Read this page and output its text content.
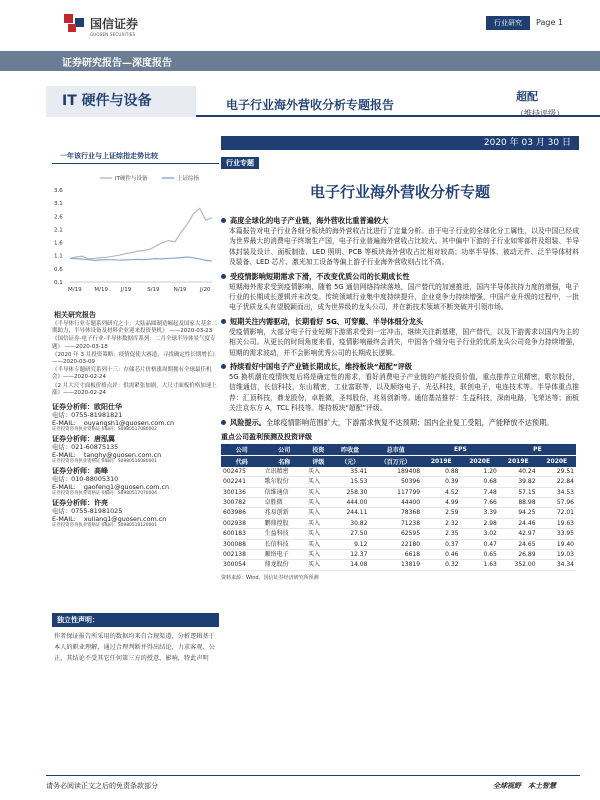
国信证券
GUOSEN SECURITIES
行业研究	Page 1
证券研究报告—深度报告
IT 硬件与设备	电子行业海外营收分析专题报告
超配
（维持评级）
2020 年 03 月 30 日
一年该行业与上证综指走势比较
IT硬件与设备	上证综指
3.6
3.1
2.6
2.1
1.6
1.1
0.6
0.1
M/19 M/19 J/19	S/19	N/19 J/20
相关研究报告
《半导体行业专题系列研究之十：大陆晶圆制造崛起及国家大基金二期助力，半导体设备及材料企业迎来投资契机》 ——2020-03-23
《国信证券-电子行业-半导体数据库系列：二月全球半导体景气度专题》 ——2020-03-18
《2020 年 3 月投资策略：疫情促使大赛道，寻找确定性长期增长》——2020-03-09
《半导体专题研究系列十三：存储芯片价格涨周期拥有全球最佳机会》——2020-02-24
《2 月大尺寸面板价格点评：供需紧张加剧，大尺寸面板价格加速上涨》——2020-02-24
证券分析师：欧阳仕华
电话：0755-81981821
E-MAIL: ouyangsh1@guosen.com.cn
证券投资咨询执业资格证书编码：S0980517080002
证券分析师：唐泓翼
电话：021-60875135
E-MAIL: tanghy@guosen.com.cn
证券投资咨询执业资格证书编码：S0980516080001
证券分析师：高峰
电话：010-88005310
E-MAIL: gaofeng1@guosen.com.cn
证券投资咨询执业资格证书编码：S0980517070004
证券分析师：许亮
电话：0755-81981025
E-MAIL: xuliang1@guosen.com.cn
证券投资咨询执业资格证书编码：S0980518120001
独立性声明：
作者保证报告所采用的数据均来自合规渠道，分析逻辑基于本人的职业理解，通过合理判断并得出结论，力求客观、公正，其结论不受其它任何第三方的授意、影响，特此声明
行业专题
电子行业海外营收分析专题
高度全球化的电子产业链，海外营收比重普遍较大
本篇报告对电子行业各细分板块的海外营收占比进行了定量分析。由于电子行业的全球化分工属性，以及中国已经成为世界最大的消费电子终端生产国，电子行业普遍海外营收占比较大。其中偏中下游的子行业如零部件及组装、半导体封装及设计、面板制造、LED 照明、PCB 等板块海外营收占比相对较高；功率半导体、被动元件、泛半导体材料及装备、LED 芯片、激光加工设备等偏上游子行业海外营收则占比不高。
受疫情影响短期需求下滑，不改变优质公司的长期成长性
短期海外需求受到疫情影响，随着 5G 通信网络持续落地，国产替代的加速推进，国内半导体扶持力度的增强，电子行业的长期成长逻辑并未改变。传统领域行业集中度持续提升，企业竞争力持续增强，中国产业升级的过程中，一批电子优质龙头有望脱颖而出，成为世界级的龙头公司，并在新技术领域不断突破并引领市场。
短期关注内需驱动，长期看好 5G、可穿戴、半导体细分龙头
受疫情影响，大部分电子行业短期下游需求受到一定冲击，继续关注新基建，国产替代，以及下游需求以国内为主的相关公司。从更长的时间角度来看，疫情影响最终会消失，中国各个细分电子行业的优质龙头公司竞争力持续增强，短期的需求波动，并不会影响优秀公司的长期成长逻辑。
持续看好中国电子产业链长期成长，维持板块“超配”评级
5G 换机潮在疫情恢复后将是确定性的需求，看好消费电子产业链的产能投资价值，重点推荐立讯精密，歌尔股份，信维通信，长信科技，东山精密，工业富联等，以及顺络电子，光弘科技，联创电子，电连技术等。半导体重点推荐：汇顶科技，鼎龙股份，卓胜微，圣邦股份，兆易创新等。通信基站推荐：生益科技，深南电路，飞荣达等；面板关注京东方 A，TCL 科技等。维持板块“超配”评级。
风险提示。全球疫情影响范围扩大，下游需求恢复不达预期；国内企业复工受阻，产能释放不达预期。
重点公司盈利预测及投资评级
公司	公司	投资	昨收盘	总市值	EPS		PE	
代码	名称	评级	（元）	（百万元）	2019E	2020E	2019E	2020E
002475	立讯精密	买入	35.41	189408	0.88	1.20	40.24	29.51
002241	歌尔股份	买入	15.53	50396	0.39	0.68	39.82	22.84
300136	信维通信	买入	258.30	117799	4.52	7.48	57.15	34.53
300782	卓胜微	买入	444.00	44400	4.99	7.66	88.98	57.96
603986	兆易创新	买入	244.11	78368	2.59	3.39	94.25	72.01
002938	鹏鼎控股	买入	30.82	71238	2.32	2.98	24.46	19.63
600183	生益科技	买入	27.50	62595	2.35	3.02	42.97	33.95
300088	长信科技	买入	9.12	22180	0.37	0.47	24.65	19.40
002138	顺络电子	买入	12.37	6618	0.46	0.65	26.89	19.03
300054	鼎龙股份	买入	14.08	13819	0.32	1.63	352.00	34.34
资料来源：Wind、国信证券经济研究所预测
请务必阅读正文之后的免责条款部分	全球视野　本土智慧
